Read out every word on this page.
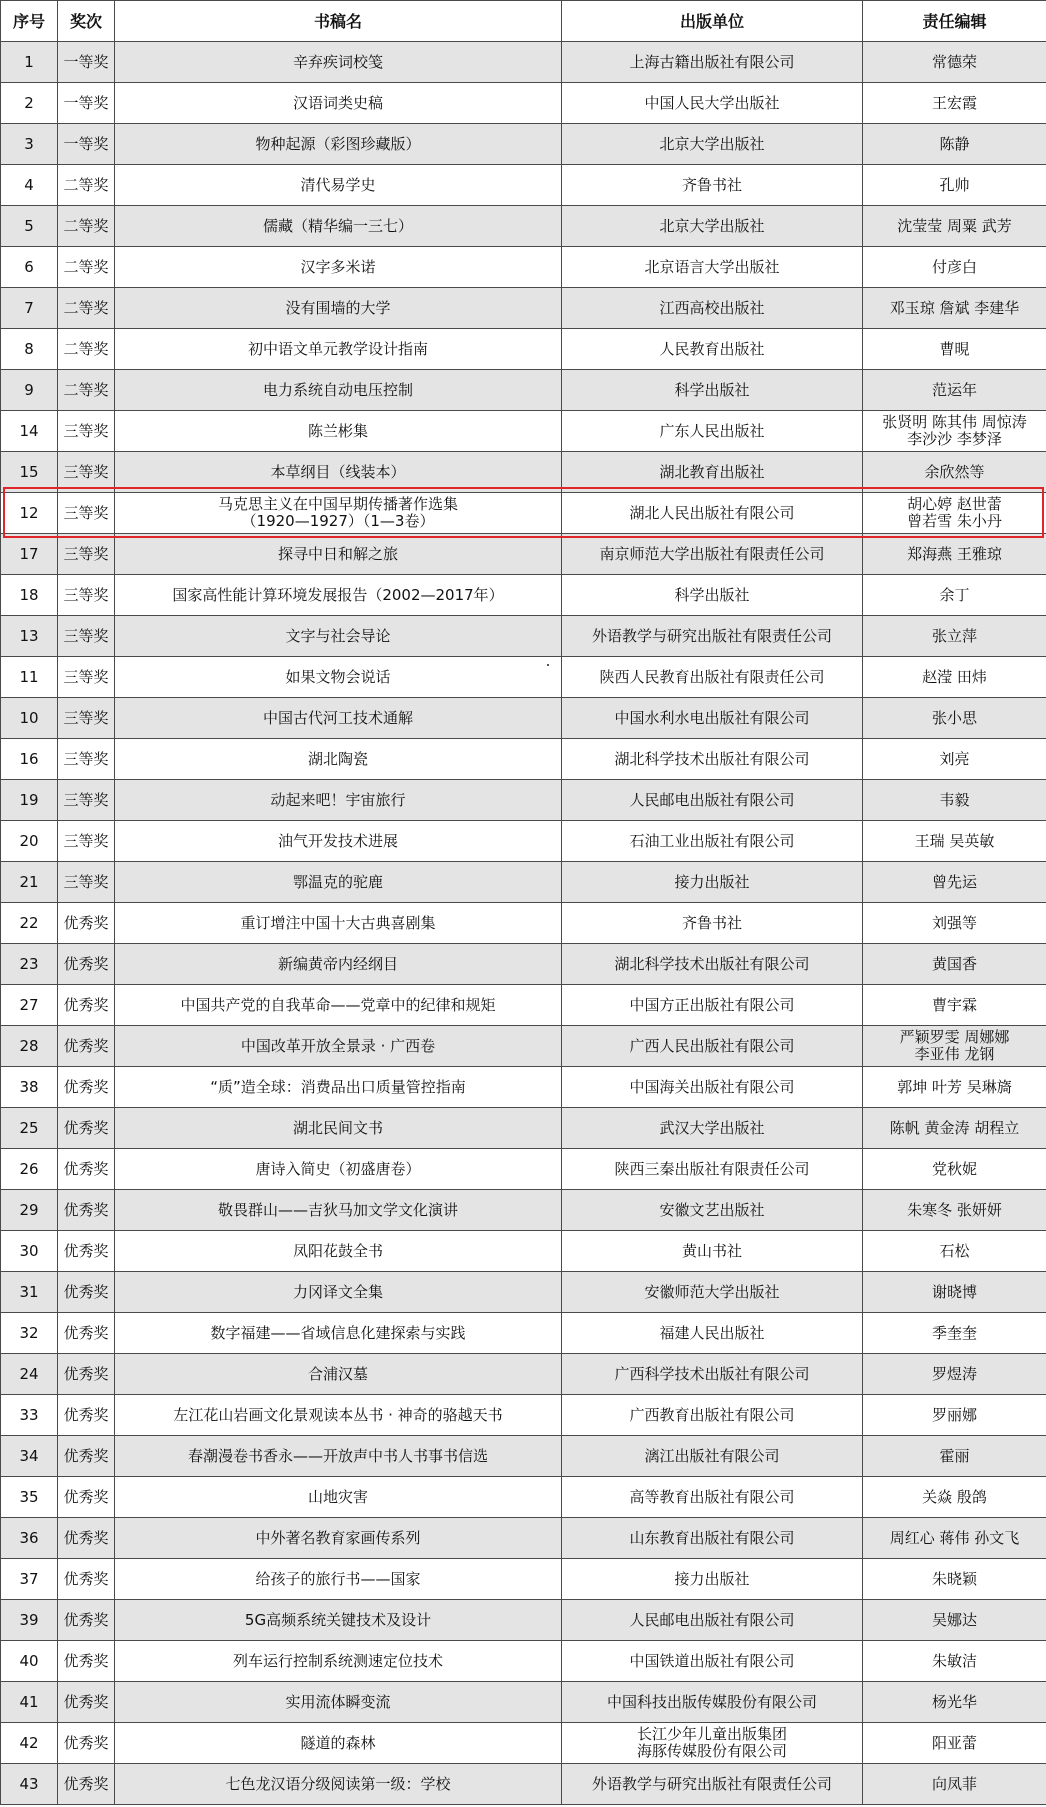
序号	奖次	书稿名	出版单位	责任编辑

1	一等奖	辛弃疾词校笺	上海古籍出版社有限公司	常德荣

2	一等奖	汉语词类史稿	中国人民大学出版社	王宏霞

3	一等奖	物种起源（彩图珍藏版）	北京大学出版社	陈静

4	二等奖	清代易学史	齐鲁书社	孔帅

5	二等奖	儒藏（精华编一三七）	北京大学出版社	沈莹莹 周粟 武芳

6	二等奖	汉字多米诺	北京语言大学出版社	付彦白

7	二等奖	没有围墙的大学	江西高校出版社	邓玉琼 詹斌 李建华

8	二等奖	初中语文单元教学设计指南	人民教育出版社	曹晛

9	二等奖	电力系统自动电压控制	科学出版社	范运年

14	三等奖	陈兰彬集	广东人民出版社	张贤明 陈其伟 周惊涛
李沙沙 李梦泽

15	三等奖	本草纲目（线装本）	湖北教育出版社	余欣然等

12	三等奖	马克思主义在中国早期传播著作选集
（1920—1927）（1—3卷）	湖北人民出版社有限公司	胡心婷 赵世蕾
曾若雪 朱小丹

17	三等奖	探寻中日和解之旅	南京师范大学出版社有限责任公司	郑海燕 王雅琼

18	三等奖	国家高性能计算环境发展报告（2002—2017年）	科学出版社	余丁

13	三等奖	文字与社会导论	外语教学与研究出版社有限责任公司	张立萍

11	三等奖	如果文物会说话	陕西人民教育出版社有限责任公司	赵滢 田炜

10	三等奖	中国古代河工技术通解	中国水利水电出版社有限公司	张小思

16	三等奖	湖北陶瓷	湖北科学技术出版社有限公司	刘亮

19	三等奖	动起来吧！宇宙旅行	人民邮电出版社有限公司	韦毅

20	三等奖	油气开发技术进展	石油工业出版社有限公司	王瑞 吴英敏

21	三等奖	鄂温克的驼鹿	接力出版社	曾先运

22	优秀奖	重订增注中国十大古典喜剧集	齐鲁书社	刘强等

23	优秀奖	新编黄帝内经纲目	湖北科学技术出版社有限公司	黄国香

27	优秀奖	中国共产党的自我革命——党章中的纪律和规矩	中国方正出版社有限公司	曹宇霖

28	优秀奖	中国改革开放全景录 · 广西卷	广西人民出版社有限公司	严颖罗雯 周娜娜
李亚伟 龙钢

38	优秀奖	“质”造全球：消费品出口质量管控指南	中国海关出版社有限公司	郭坤 叶芳 吴琳旖

25	优秀奖	湖北民间文书	武汉大学出版社	陈帆 黄金涛 胡程立

26	优秀奖	唐诗入简史（初盛唐卷）	陕西三秦出版社有限责任公司	党秋妮

29	优秀奖	敬畏群山——吉狄马加文学文化演讲	安徽文艺出版社	朱寒冬 张妍妍

30	优秀奖	凤阳花鼓全书	黄山书社	石松

31	优秀奖	力冈译文全集	安徽师范大学出版社	谢晓博

32	优秀奖	数字福建——省域信息化建探索与实践	福建人民出版社	季奎奎

24	优秀奖	合浦汉墓	广西科学技术出版社有限公司	罗煜涛

33	优秀奖	左江花山岩画文化景观读本丛书 · 神奇的骆越天书	广西教育出版社有限公司	罗丽娜

34	优秀奖	春潮漫卷书香永——开放声中书人书事书信选	漓江出版社有限公司	霍丽

35	优秀奖	山地灾害	高等教育出版社有限公司	关焱 殷鸽

36	优秀奖	中外著名教育家画传系列	山东教育出版社有限公司	周红心 蒋伟 孙文飞

37	优秀奖	给孩子的旅行书——国家	接力出版社	朱晓颖

39	优秀奖	5G高频系统关键技术及设计	人民邮电出版社有限公司	吴娜达

40	优秀奖	列车运行控制系统测速定位技术	中国铁道出版社有限公司	朱敏洁

41	优秀奖	实用流体瞬变流	中国科技出版传媒股份有限公司	杨光华

42	优秀奖	隧道的森林	长江少年儿童出版集团
海豚传媒股份有限公司	阳亚蕾

43	优秀奖	七色龙汉语分级阅读第一级：学校	外语教学与研究出版社有限责任公司	向凤菲
